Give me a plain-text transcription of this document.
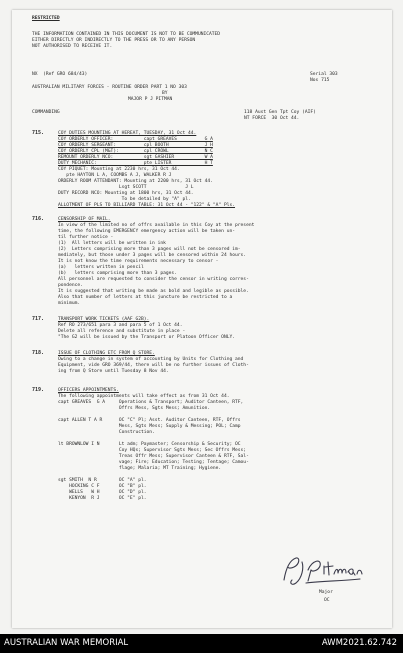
RESTRICTED
THE INFORMATION CONTAINED IN THIS DOCUMENT IS NOT TO BE COMMUNICATED
EITHER DIRECTLY OR INDIRECTLY TO THE PRESS OR TO ANY PERSON
NOT AUTHORISED TO RECEIVE IT.
NX  (Ref GRO 684/43)	Serial 303
Nos 715
AUSTRALIAN MILITARY FORCES - ROUTINE ORDER PART 1 NO 303
BY
MAJOR P J PITMAN
COMMANDING	118 Aust Gen Tpt Coy (AIF)
NT FORCE  30 Oct 44.
715.	COY DUTIES MOUNTING AT HEREAT, TUESDAY, 31 Oct 44.
COY ORDERLY OFFICER:           capt GREAVES          G A
COY ORDERLY SERGEANT:          cpl BOOTH             J H
COY ORDERLY CPL (M&T):         cpl CROWL             N C
REMOUNT ORDERLY NCO:           sgt GASHIER           W A
DUTY MECHANIC:                 pte LISTER            H T
COY PIQUET: Mounting at 2230 hrs, 31 Oct 44.
pte HAYTON L A, COOMBS A J, WALKER R J
ORDERLY ROOM ATTENDANT: Mounting at 2200 hrs, 31 Oct 44.
Lsgt SCOTT              J L
DUTY RECORD NCO: Mounting at 1800 hrs, 31 Oct 44.
To be detailed by "A" pl.
ALLOTMENT OF PLS TO BILLIARD TABLE: 31 Oct 44 - "122" & "A" Pls.
716.	CENSORSHIP OF MAIL.
In view of the limited no of offrs available in this Coy at the present
time, the following EMERGENCY emergency action will be taken un-
til further notice -
(1)  All letters will be written in ink
(2)  Letters comprising more than 3 pages will not be censored im-
mediately, but those under 3 pages will be censored within 24 hours.
It is not know the time requirements necessary to censor -
(a)   letters written in pencil
(b)   letters comprising more than 3 pages.
All personnel are requested to consider the censor in writing corres-
pondence.
It is suggested that writing be made as bold and legible as possible.
Also that number of letters at this juncture be restricted to a
minimum.
717.	TRANSPORT WORK TICKETS (AAF G2B).
Ref RO 273/651 para 3 and para 5 of 1 Oct 44.
Delete all reference and substitute in place -
"The G2 will be issued by the Transport or Platoon Officer ONLY.
718.	ISSUE OF CLOTHING ETC FROM Q STORE.
Owing to a change in system of accounting by Units for Clothing and
Equipment, vide GRO 369/44, there will be no further issues of Cloth-
ing from Q Store until Tuesday 8 Nov 44.
719.	OFFICERS APPOINTMENTS.
The following appointments will take effect as from 31 Oct 44.
capt GREAVES  G A     Operations & Transport; Auditor Canteen, RTF,
Offrs Mess, Sgts Mess; Amunition.
capt ALLEN T A R      OC "C" Pl; Asst. Auditor Canteen, RTF, Offrs
Mess, Sgts Mess; Supply & Messing; POL; Camp
Construction.
lt BROWNLOW I N       Lt adm; Paymaster; Censorship & Security; OC
Coy HQs; Supervisor Sgts Mess; Sec Offrs Mess;
Treas Offr Mess; Supervisor Canteen & RTF, Sal-
vage; Fire; Education; Testing; Tentage; Camou-
flage; Malaria; MT Training; Hygiene.
sgt SMITH  N R        OC "A" pl.
HOCKING C F       OC "B" pl.
WELLS   W H       OC "D" pl.
KENYON  R J       OC "E" pl.
Major
OC
AUSTRALIAN WAR MEMORIAL	AWM2021.62.742
